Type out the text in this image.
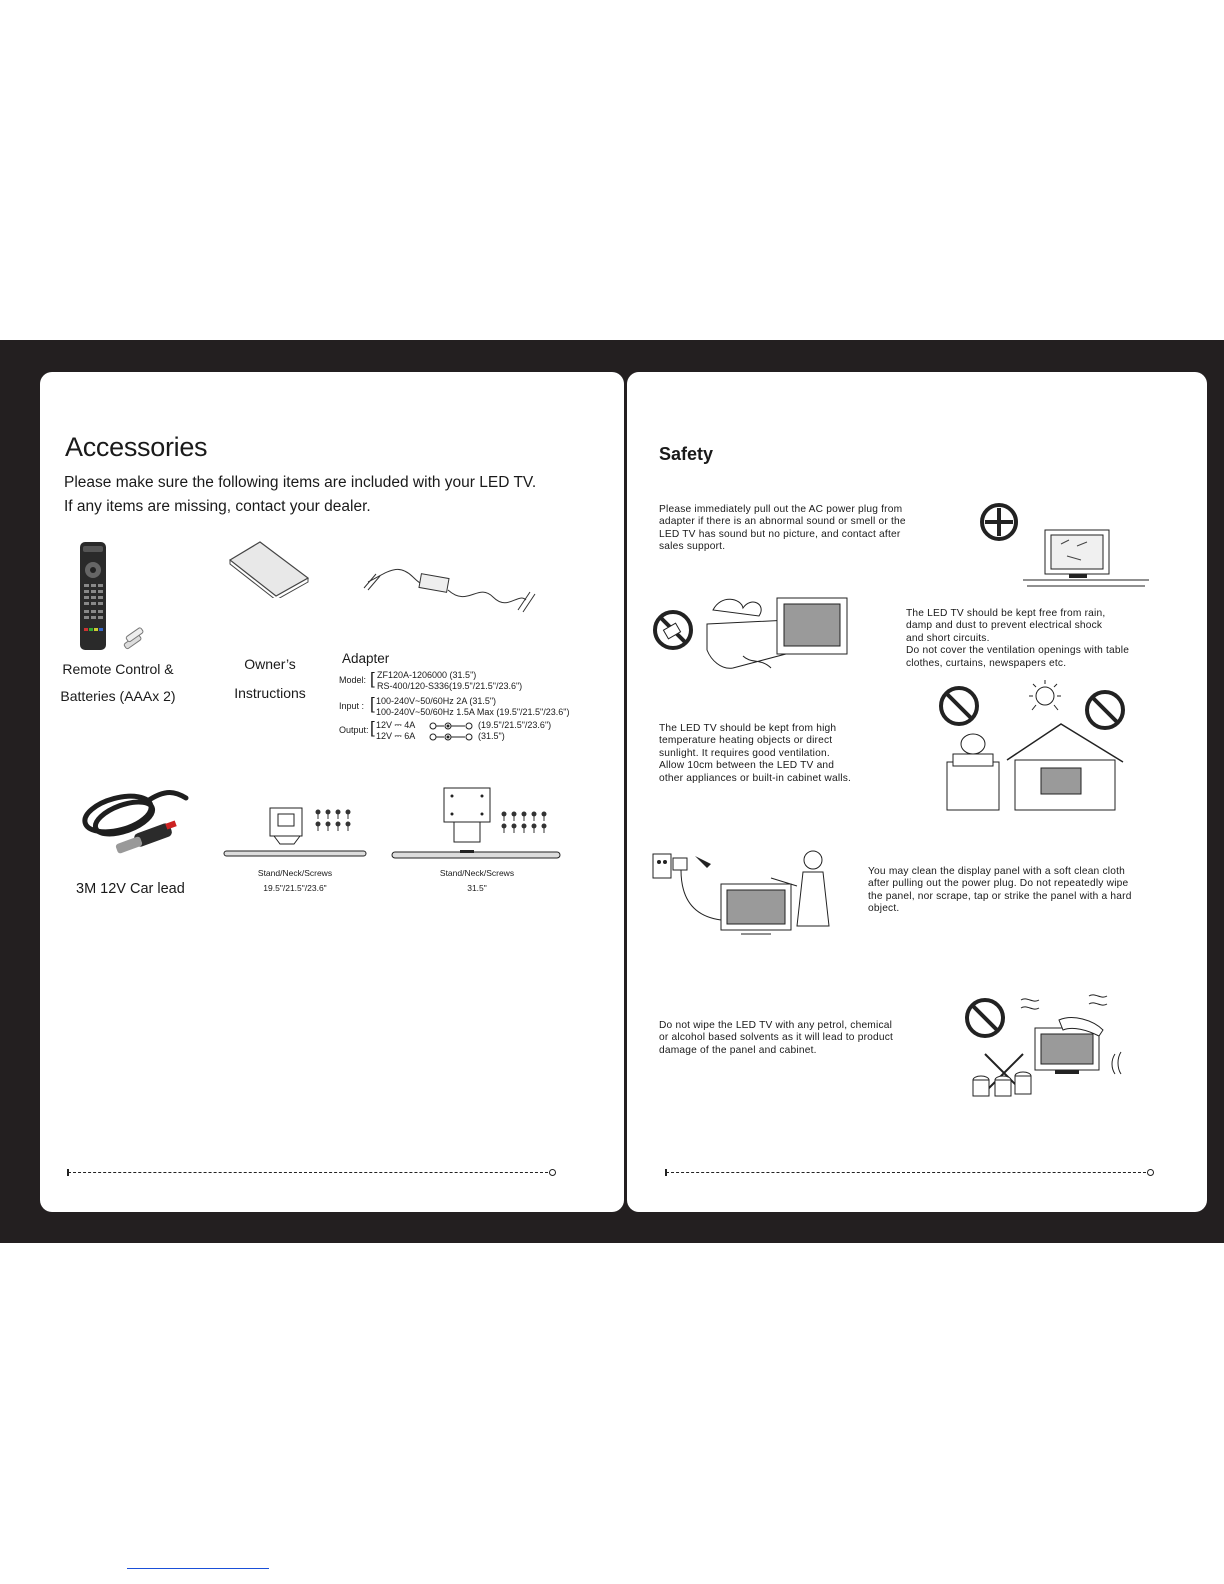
Accessories
Please make sure the following items are included with your LED TV.
If any items are missing, contact your dealer.
Remote Control &
Batteries (AAAx 2)
Owner’s
Instructions
Adapter
Model: [ ZF120A-1206000 (31.5")
RS-400/120-S336(19.5"/21.5"/23.6")
Input : [ 100-240V~50/60Hz 2A (31.5")
100-240V~50/60Hz 1.5A Max (19.5"/21.5"/23.6")
Output: [ 12V ⎓ 4A
12V ⎓ 6A
(19.5"/21.5"/23.6")
(31.5")
3M 12V Car lead
Stand/Neck/Screws
19.5"/21.5"/23.6"
Stand/Neck/Screws
31.5"
Safety
Please immediately pull out the AC power plug from
adapter if there is an abnormal sound or smell or the
LED TV has sound but no picture, and contact after
sales support.
The LED TV should be kept free from rain,
damp and dust to prevent electrical shock
and short circuits.
Do not cover the ventilation openings with table
clothes, curtains, newspapers etc.
The LED TV should be kept from high
temperature heating objects or direct
sunlight. It requires good ventilation.
Allow 10cm between the LED TV and
other appliances or built-in cabinet walls.
You may clean the display panel with a soft clean cloth
after pulling out the power plug. Do not repeatedly wipe
the panel, nor scrape, tap or strike the panel with a hard
object.
Do not wipe the LED TV with any petrol, chemical
or alcohol based solvents as it will lead to product
damage of the panel and cabinet.
